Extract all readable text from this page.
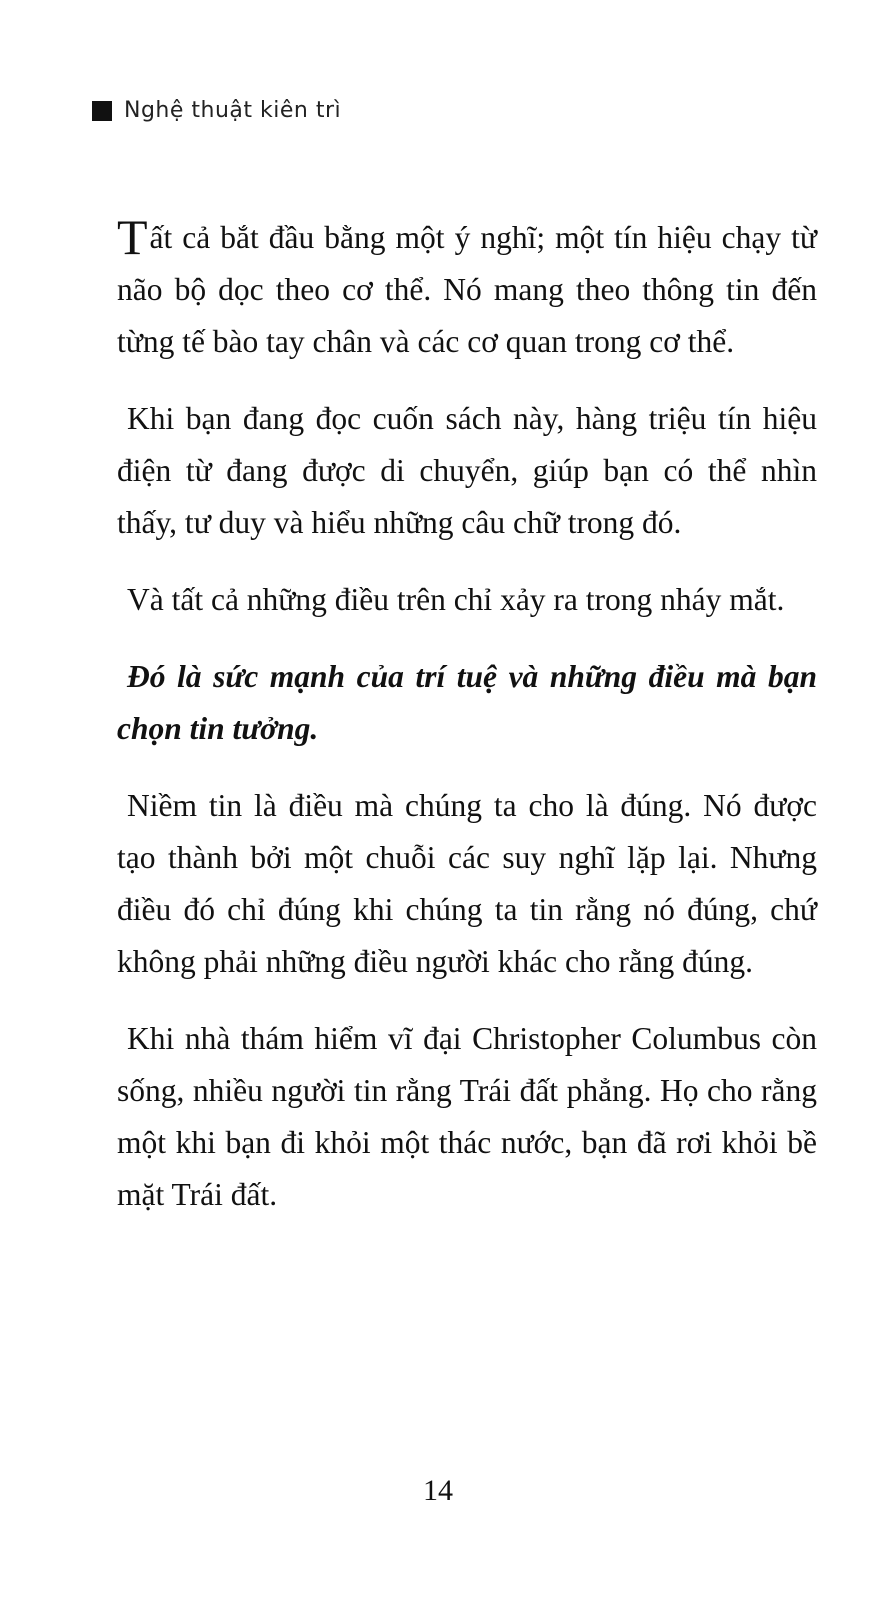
Nghệ thuật kiên trì

Tất cả bắt đầu bằng một ý nghĩ; một tín hiệu chạy từ não bộ dọc theo cơ thể. Nó mang theo thông tin đến từng tế bào tay chân và các cơ quan trong cơ thể.

Khi bạn đang đọc cuốn sách này, hàng triệu tín hiệu điện từ đang được di chuyển, giúp bạn có thể nhìn thấy, tư duy và hiểu những câu chữ trong đó.

Và tất cả những điều trên chỉ xảy ra trong nháy mắt.

Đó là sức mạnh của trí tuệ và những điều mà bạn chọn tin tưởng.

Niềm tin là điều mà chúng ta cho là đúng. Nó được tạo thành bởi một chuỗi các suy nghĩ lặp lại. Nhưng điều đó chỉ đúng khi chúng ta tin rằng nó đúng, chứ không phải những điều người khác cho rằng đúng.

Khi nhà thám hiểm vĩ đại Christopher Columbus còn sống, nhiều người tin rằng Trái đất phẳng. Họ cho rằng một khi bạn đi khỏi một thác nước, bạn đã rơi khỏi bề mặt Trái đất.

14
